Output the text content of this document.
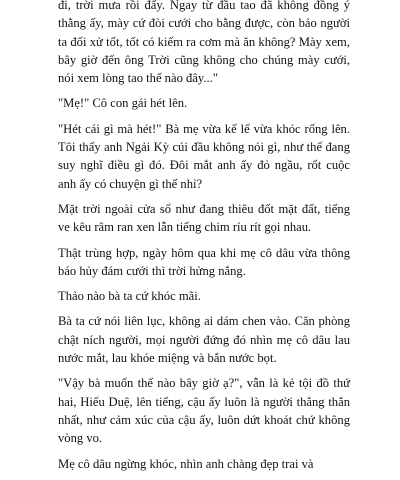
đi, trời mưa rồi đấy. Ngay từ đầu tao đã không đồng ý thằng ấy, mày cứ đòi cưới cho bằng được, còn bảo người ta đối xử tốt, tốt có kiếm ra cơm mà ăn không? Mày xem, bây giờ đến ông Trời cũng không cho chúng mày cưới, nói xem lòng tao thế nào đây..."

"Mẹ!" Cô con gái hét lên.

"Hét cái gì mà hét!" Bà mẹ vừa kể lể vừa khóc rống lên. Tôi thấy anh Ngải Kỳ cúi đầu không nói gì, như thể đang suy nghĩ điều gì đó. Đôi mắt anh ấy đỏ ngầu, rốt cuộc anh ấy có chuyện gì thế nhỉ?

Mặt trời ngoài cửa sổ như đang thiêu đốt mặt đất, tiếng ve kêu râm ran xen lẫn tiếng chim ríu rít gọi nhau.

Thật trùng hợp, ngày hôm qua khi mẹ cô dâu vừa thông báo hủy đám cưới thì trời hửng nắng.

Thảo nào bà ta cứ khóc mãi.

Bà ta cứ nói liên lục, không ai dám chen vào. Căn phòng chật ních người, mọi người đứng đó nhìn mẹ cô dâu lau nước mắt, lau khóe miệng và bắn nước bọt.

"Vậy bà muốn thế nào bây giờ ạ?", vẫn là kẻ tội đồ thứ hai, Hiểu Duệ, lên tiếng, cậu ấy luôn là người thẳng thắn nhất, như cảm xúc của cậu ấy, luôn dứt khoát chứ không vòng vo.

Mẹ cô dâu ngừng khóc, nhìn anh chàng đẹp trai và
